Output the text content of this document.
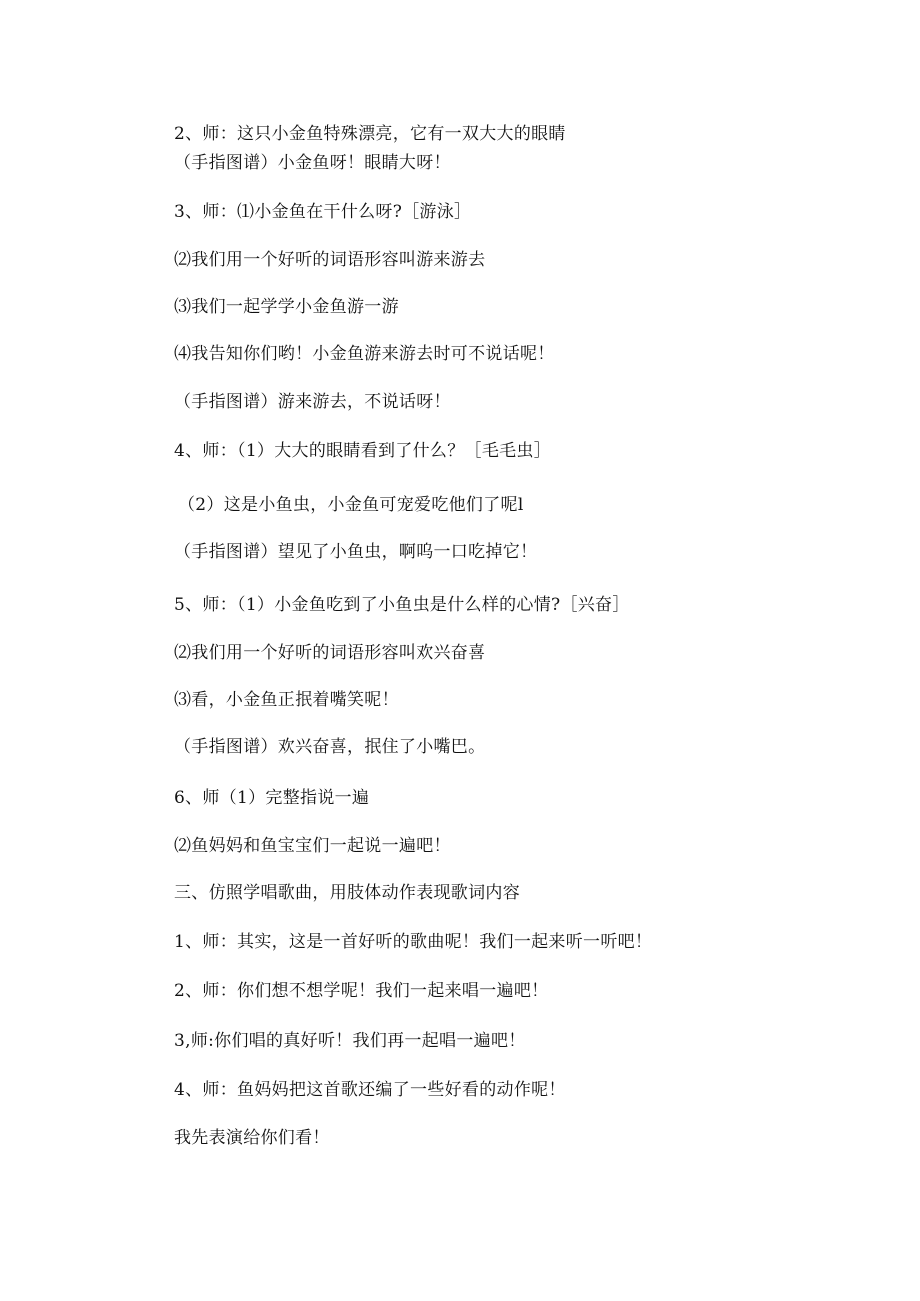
2、师：这只小金鱼特殊漂亮，它有一双大大的眼睛
（手指图谱）小金鱼呀！眼睛大呀！
3、师：⑴小金鱼在干什么呀?［游泳］
⑵我们用一个好听的词语形容叫游来游去
⑶我们一起学学小金鱼游一游
⑷我告知你们哟！小金鱼游来游去时可不说话呢！
（手指图谱）游来游去，不说话呀！
4、师：（1）大大的眼睛看到了什么？［毛毛虫］
（2）这是小鱼虫，小金鱼可宠爱吃他们了呢l
（手指图谱）望见了小鱼虫，啊呜一口吃掉它！
5、师：（1）小金鱼吃到了小鱼虫是什么样的心情?［兴奋］
⑵我们用一个好听的词语形容叫欢兴奋喜
⑶看，小金鱼正抿着嘴笑呢！
（手指图谱）欢兴奋喜，抿住了小嘴巴。
6、师（1）完整指说一遍
⑵鱼妈妈和鱼宝宝们一起说一遍吧！
三、仿照学唱歌曲，用肢体动作表现歌词内容
1、师：其实，这是一首好听的歌曲呢！我们一起来听一听吧！
2、师：你们想不想学呢！我们一起来唱一遍吧！
3,师:你们唱的真好听！我们再一起唱一遍吧！
4、师：鱼妈妈把这首歌还编了一些好看的动作呢！
我先表演给你们看！
